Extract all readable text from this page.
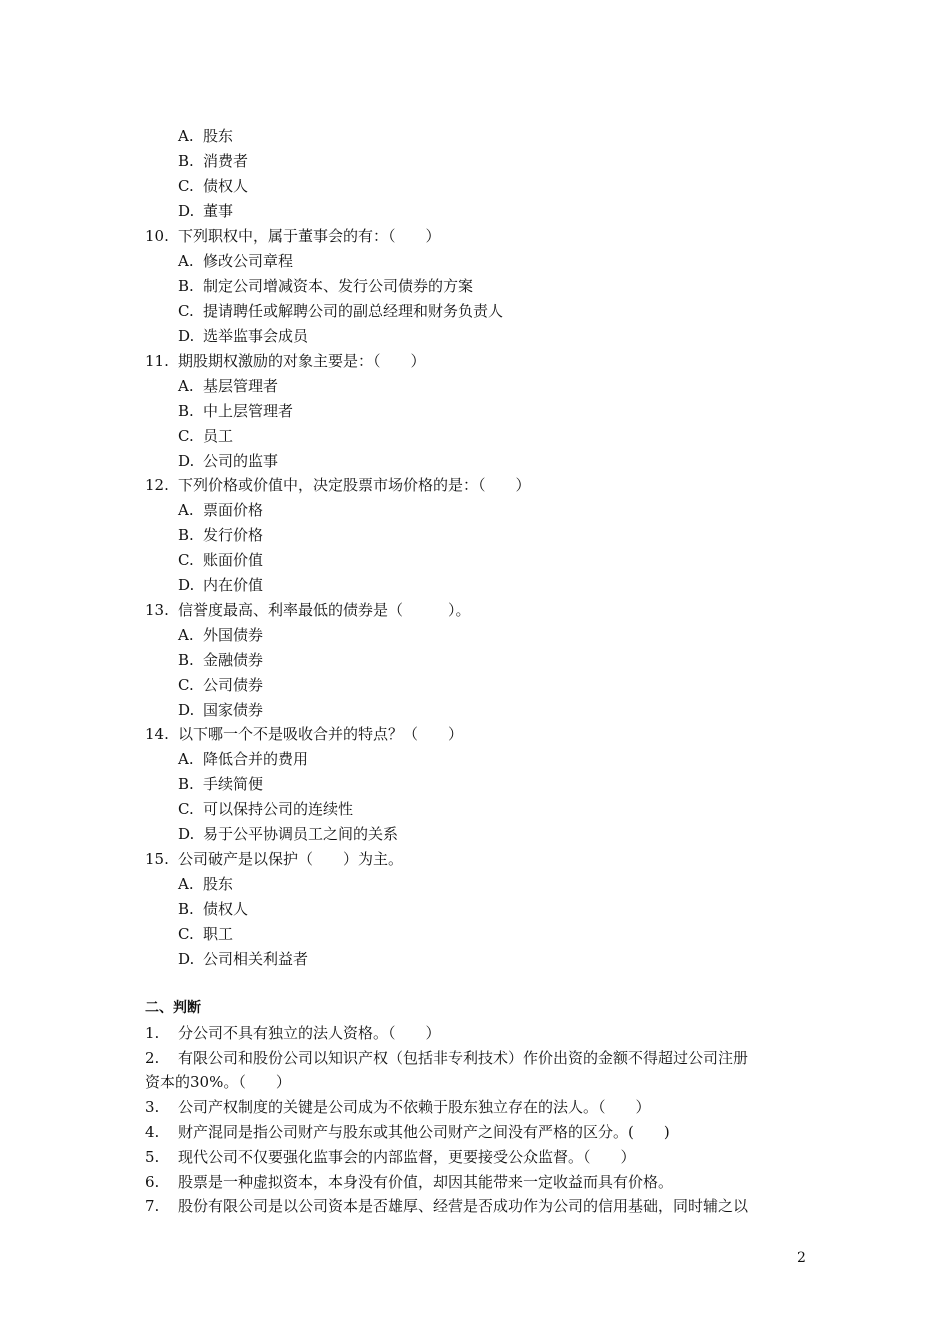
A. 股东
B. 消费者
C. 债权人
D. 董事
10. 下列职权中，属于董事会的有：（　　）
A. 修改公司章程
B. 制定公司增减资本、发行公司债券的方案
C. 提请聘任或解聘公司的副总经理和财务负责人
D. 选举监事会成员
11. 期股期权激励的对象主要是：（　　）
A. 基层管理者
B. 中上层管理者
C. 员工
D. 公司的监事
12. 下列价格或价值中，决定股票市场价格的是：（　　）
A. 票面价格
B. 发行价格
C. 账面价值
D. 内在价值
13. 信誉度最高、利率最低的债券是（　　　）。
A. 外国债券
B. 金融债券
C. 公司债券
D. 国家债券
14. 以下哪一个不是吸收合并的特点？（　　）
A. 降低合并的费用
B. 手续简便
C. 可以保持公司的连续性
D. 易于公平协调员工之间的关系
15. 公司破产是以保护（　　）为主。
A. 股东
B. 债权人
C. 职工
D. 公司相关利益者
二、判断
1. 分公司不具有独立的法人资格。（　　）
2. 有限公司和股份公司以知识产权（包括非专利技术）作价出资的金额不得超过公司注册
资本的30%。（　　）
3. 公司产权制度的关键是公司成为不依赖于股东独立存在的法人。（　　）
4. 财产混同是指公司财产与股东或其他公司财产之间没有严格的区分。(　　)
5. 现代公司不仅要强化监事会的内部监督，更要接受公众监督。（　　）
6. 股票是一种虚拟资本，本身没有价值，却因其能带来一定收益而具有价格。
7. 股份有限公司是以公司资本是否雄厚、经营是否成功作为公司的信用基础，同时辅之以
2
